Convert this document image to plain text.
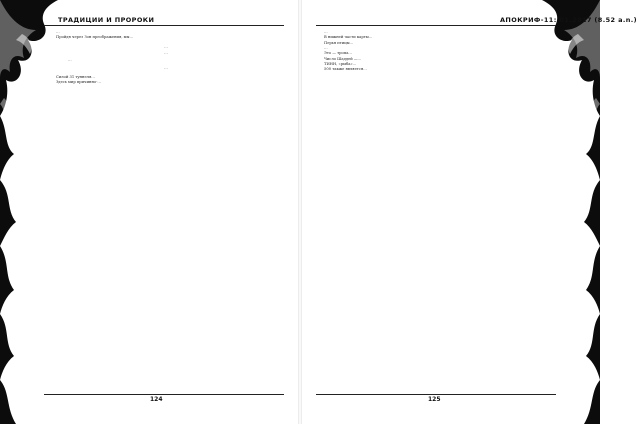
ТРАДИЦИИ И ПРОРОКИ

…

Пройдя через Зон преображения, мы…

…

…

…

…

Силой 31 туннеля…

Здесь мир причинно-…

124
АПОКРИФ-11: 01.2017 (8.52 a.n.)

…

В нижней части карты…

Перья птицы…

…

Это — тропа…

Число Шаддей —…

ТИНН, «рыба»…

500 также является…

125
